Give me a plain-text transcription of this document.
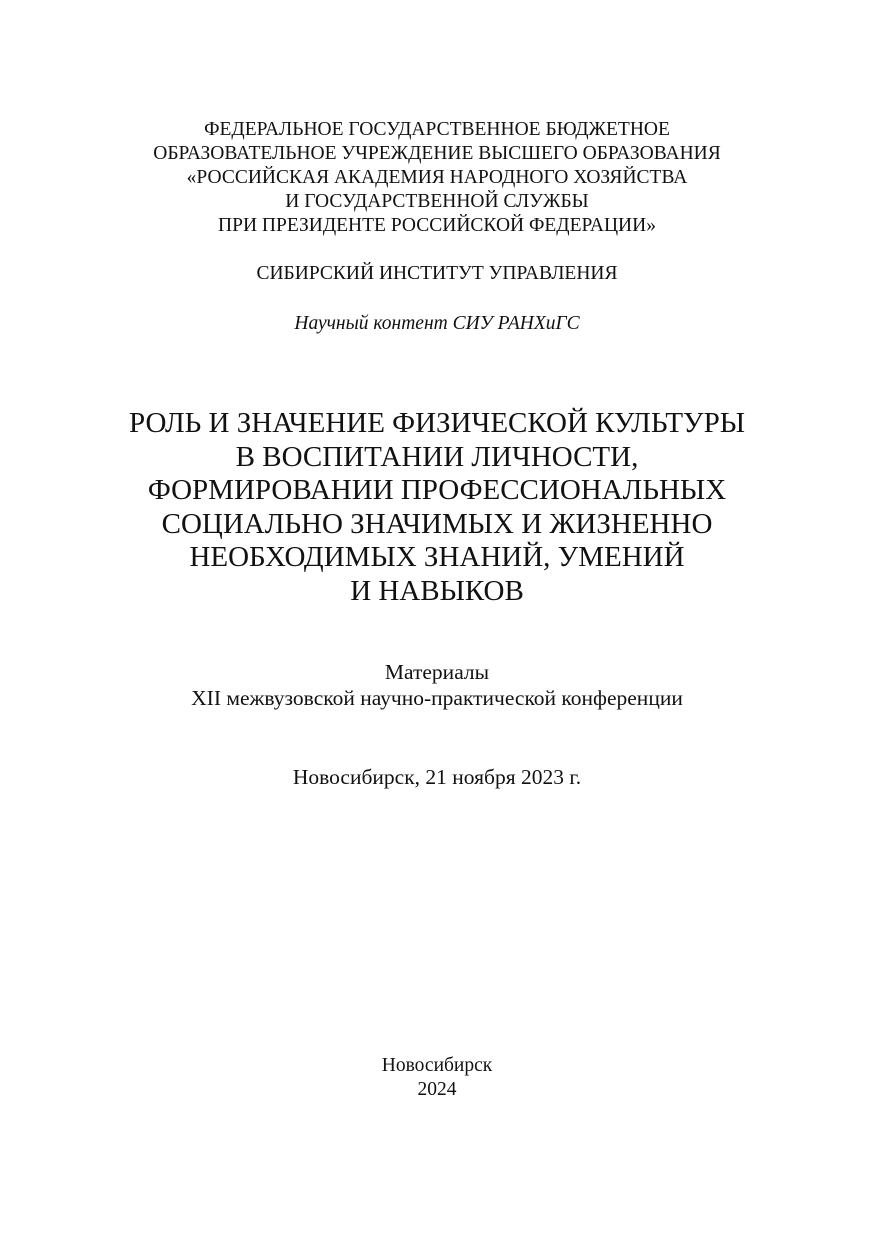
ФЕДЕРАЛЬНОЕ ГОСУДАРСТВЕННОЕ БЮДЖЕТНОЕ
ОБРАЗОВАТЕЛЬНОЕ УЧРЕЖДЕНИЕ ВЫСШЕГО ОБРАЗОВАНИЯ
«РОССИЙСКАЯ АКАДЕМИЯ НАРОДНОГО ХОЗЯЙСТВА
И ГОСУДАРСТВЕННОЙ СЛУЖБЫ
ПРИ ПРЕЗИДЕНТЕ РОССИЙСКОЙ ФЕДЕРАЦИИ»
СИБИРСКИЙ ИНСТИТУТ УПРАВЛЕНИЯ
Научный контент СИУ РАНХиГС
РОЛЬ И ЗНАЧЕНИЕ ФИЗИЧЕСКОЙ КУЛЬТУРЫ
В ВОСПИТАНИИ ЛИЧНОСТИ,
ФОРМИРОВАНИИ ПРОФЕССИОНАЛЬНЫХ
СОЦИАЛЬНО ЗНАЧИМЫХ И ЖИЗНЕННО
НЕОБХОДИМЫХ ЗНАНИЙ, УМЕНИЙ
И НАВЫКОВ
Материалы
XII межвузовской научно-практической конференции
Новосибирск, 21 ноября 2023 г.
Новосибирск
2024
